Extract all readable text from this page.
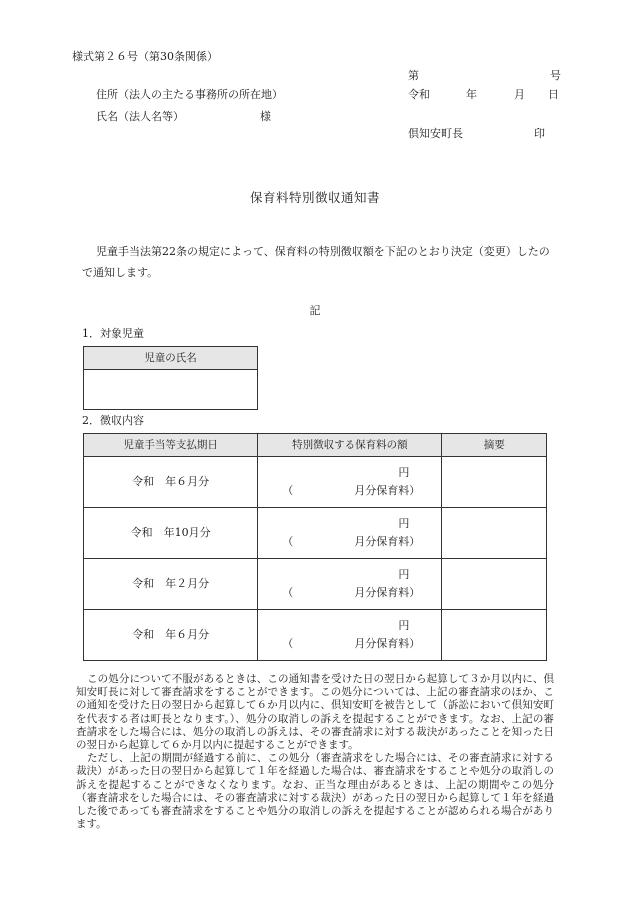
様式第２６号（第30条関係）
第	号
住所（法人の主たる事務所の所在地）	令和	年	月 日
氏名（法人名等）	様
倶知安町長	印
保育料特別徴収通知書
児童手当法第22条の規定によって、保育料の特別徴収額を下記のとおり決定（変更）したので通知します。
記
1．対象児童
児童の氏名

2．徴収内容
児童手当等支払期日	特別徴収する保育料の額	摘要
令和　年６月分	円
（ 月分保育料）	

令和　年10月分	円
（ 月分保育料）	

令和　年２月分	円
（ 月分保育料）	

令和　年６月分	円
（ 月分保育料）	

この処分について不服があるときは、この通知書を受けた日の翌日から起算して３か月以内に、倶知安町長に対して審査請求をすることができます。この処分については、上記の審査請求のほか、この通知を受けた日の翌日から起算して６か月以内に、倶知安町を被告として（訴訟において倶知安町を代表する者は町長となります。）、処分の取消しの訴えを提起することができます。なお、上記の審査請求をした場合には、処分の取消しの訴えは、その審査請求に対する裁決があったことを知った日の翌日から起算して６か月以内に提起することができます。

ただし、上記の期間が経過する前に、この処分（審査請求をした場合には、その審査請求に対する裁決）があった日の翌日から起算して１年を経過した場合は、審査請求をすることや処分の取消しの訴えを提起することができなくなります。なお、正当な理由があるときは、上記の期間やこの処分（審査請求をした場合には、その審査請求に対する裁決）があった日の翌日から起算して１年を経過した後であっても審査請求をすることや処分の取消しの訴えを提起することが認められる場合があります。
